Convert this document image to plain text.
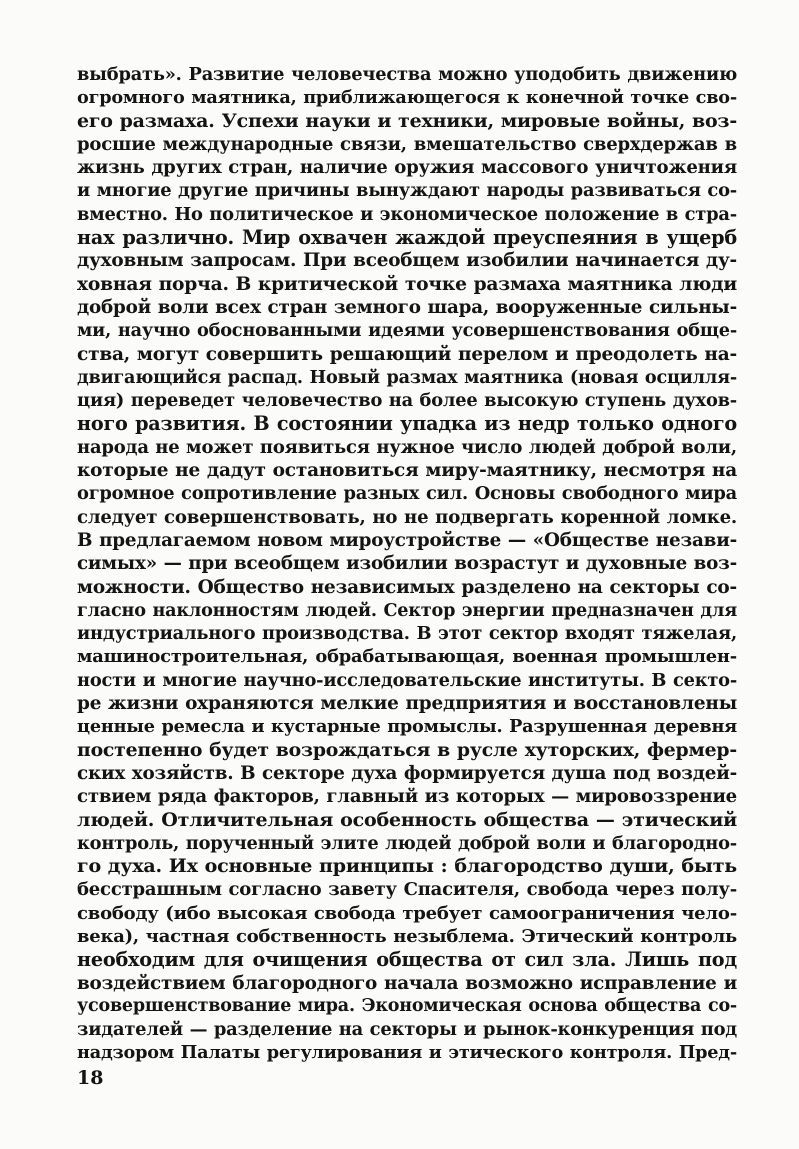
выбрать». Развитие человечества можно уподобить движению
огромного маятника, приближающегося к конечной точке сво-
его размаха. Успехи науки и техники, мировые войны, воз-
росшие международные связи, вмешательство сверхдержав в
жизнь других стран, наличие оружия массового уничтожения
и многие другие причины вынуждают народы развиваться со-
вместно. Но политическое и экономическое положение в стра-
нах различно. Мир охвачен жаждой преуспеяния в ущерб
духовным запросам. При всеобщем изобилии начинается ду-
ховная порча. В критической точке размаха маятника люди
доброй воли всех стран земного шара, вооруженные сильны-
ми, научно обоснованными идеями усовершенствования обще-
ства, могут совершить решающий перелом и преодолеть на-
двигающийся распад. Новый размах маятника (новая осцилля-
ция) переведет человечество на более высокую ступень духов-
ного развития. В состоянии упадка из недр только одного
народа не может появиться нужное число людей доброй воли,
которые не дадут остановиться миру-маятнику, несмотря на
огромное сопротивление разных сил. Основы свободного мира
следует совершенствовать, но не подвергать коренной ломке.
В предлагаемом новом мироустройстве — «Обществе незави-
симых» — при всеобщем изобилии возрастут и духовные воз-
можности. Общество независимых разделено на секторы со-
гласно наклонностям людей. Сектор энергии предназначен для
индустриального производства. В этот сектор входят тяжелая,
машиностроительная, обрабатывающая, военная промышлен-
ности и многие научно-исследовательские институты. В секто-
ре жизни охраняются мелкие предприятия и восстановлены
ценные ремесла и кустарные промыслы. Разрушенная деревня
постепенно будет возрождаться в русле хуторских, фермер-
ских хозяйств. В секторе духа формируется душа под воздей-
ствием ряда факторов, главный из которых — мировоззрение
людей. Отличительная особенность общества — этический
контроль, порученный элите людей доброй воли и благородно-
го духа. Их основные принципы : благородство души, быть
бесстрашным согласно завету Спасителя, свобода через полу-
свободу (ибо высокая свобода требует самоограничения чело-
века), частная собственность незыблема. Этический контроль
необходим для очищения общества от сил зла. Лишь под
воздействием благородного начала возможно исправление и
усовершенствование мира. Экономическая основа общества со-
зидателей — разделение на секторы и рынок-конкуренция под
надзором Палаты регулирования и этического контроля. Пред-
18
